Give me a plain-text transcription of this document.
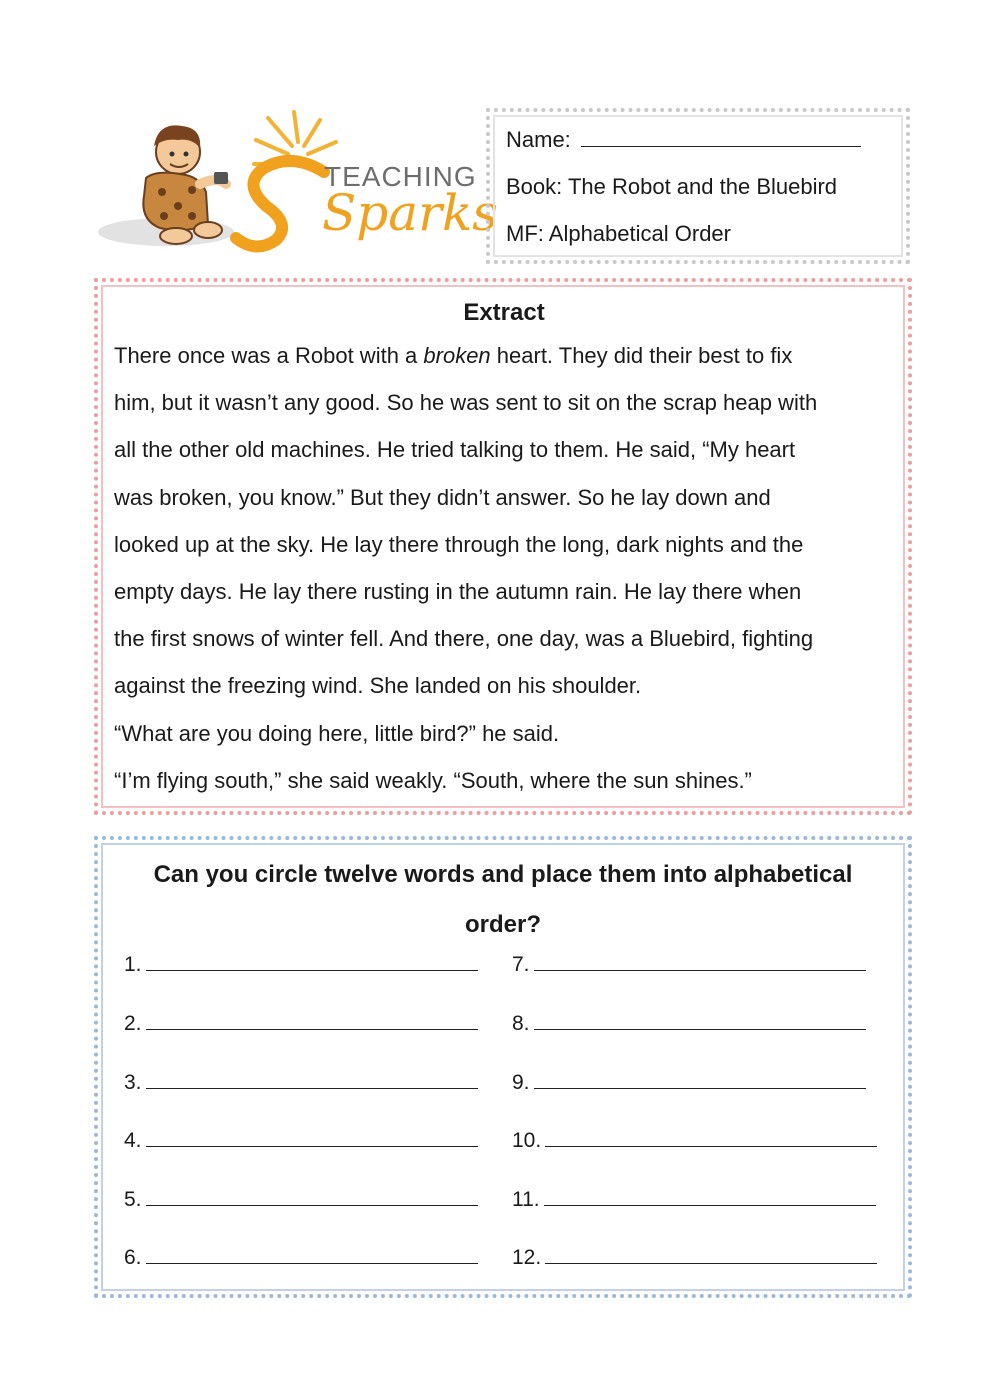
TEACHING
Sparks
Name:
Book: The Robot and the Bluebird
MF: Alphabetical Order
Extract
There once was a Robot with a broken heart. They did their best to fix
him, but it wasn’t any good. So he was sent to sit on the scrap heap with
all the other old machines. He tried talking to them. He said, “My heart
was broken, you know.” But they didn’t answer. So he lay down and
looked up at the sky. He lay there through the long, dark nights and the
empty days. He lay there rusting in the autumn rain. He lay there when
the first snows of winter fell. And there, one day, was a Bluebird, fighting
against the freezing wind. She landed on his shoulder.
“What are you doing here, little bird?” he said.
“I’m flying south,” she said weakly. “South, where the sun shines.”
Can you circle twelve words and place them into alphabetical
order?
1.
2.
3.
4.
5.
6.
7.
8.
9.
10.
11.
12.
